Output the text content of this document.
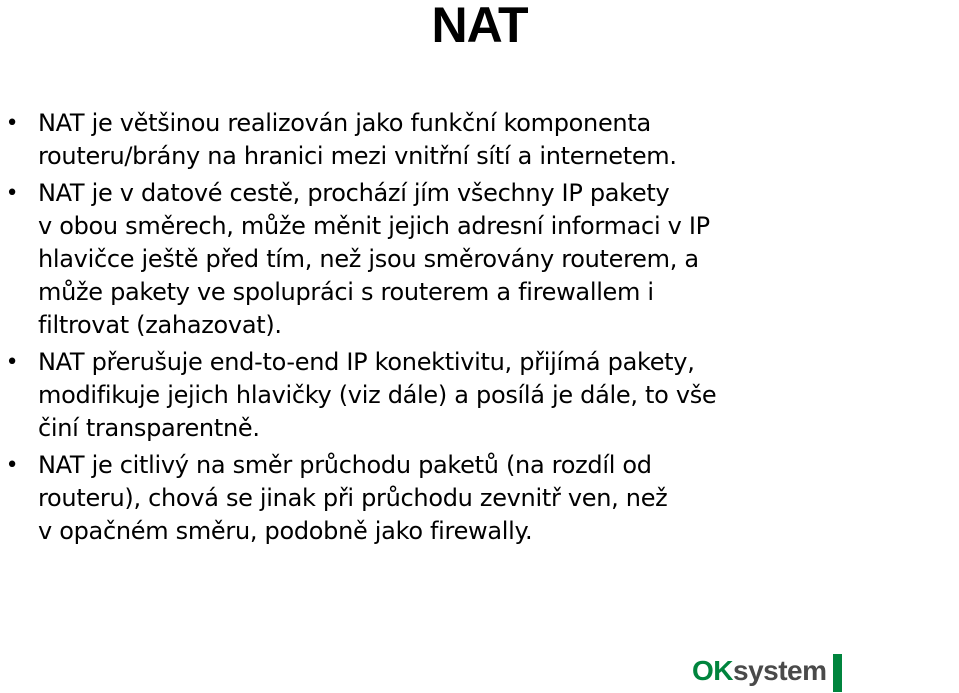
NAT
• NAT je většinou realizován jako funkční komponenta
routeru/brány na hranici mezi vnitřní sítí a internetem.
• NAT je v datové cestě, prochází jím všechny IP pakety
v obou směrech, může měnit jejich adresní informaci v IP
hlavičce ještě před tím, než jsou směrovány routerem, a
může pakety ve spolupráci s routerem a firewallem i
filtrovat (zahazovat).
• NAT přerušuje end-to-end IP konektivitu, přijímá pakety,
modifikuje jejich hlavičky (viz dále) a posílá je dále, to vše
činí transparentně.
• NAT je citlivý na směr průchodu paketů (na rozdíl od
routeru), chová se jinak při průchodu zevnitř ven, než
v opačném směru, podobně jako firewally.
OK system
